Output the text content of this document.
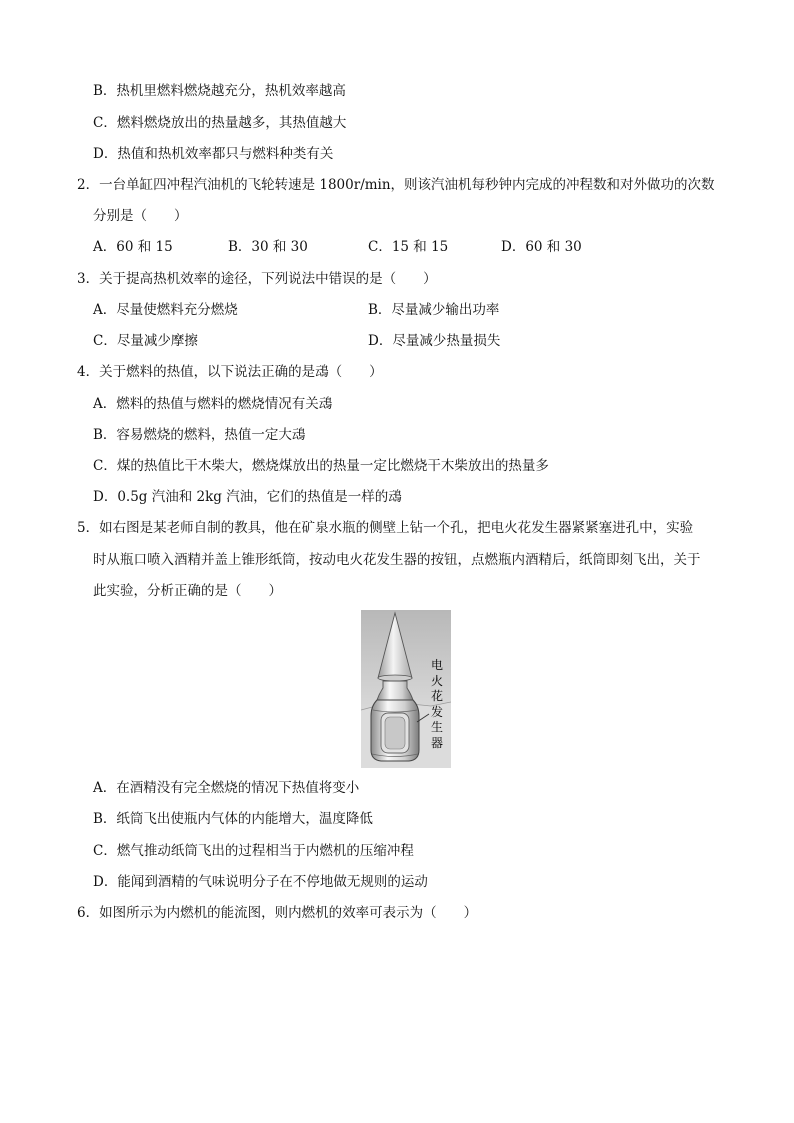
B．热机里燃料燃烧越充分，热机效率越高
C．燃料燃烧放出的热量越多，其热值越大
D．热值和热机效率都只与燃料种类有关
2．一台单缸四冲程汽油机的飞轮转速是 1800r/min，则该汽油机每秒钟内完成的冲程数和对外做功的次数
分别是（　　）
A．60 和 15	B．30 和 30	C．15 和 15	D．60 和 30
3．关于提高热机效率的途径，下列说法中错误的是（　　）
A．尽量使燃料充分燃烧	B．尽量减少输出功率
C．尽量减少摩擦	D．尽量减少热量损失
4．关于燃料的热值，以下说法正确的是䲰（　　）
A．燃料的热值与燃料的燃烧情况有关䲰
B．容易燃烧的燃料，热值一定大䲰
C．煤的热值比干木柴大，燃烧煤放出的热量一定比燃烧干木柴放出的热量多
D．0.5g 汽油和 2kg 汽油，它们的热值是一样的䲰
5．如右图是某老师自制的教具，他在矿泉水瓶的侧壁上钻一个孔，把电火花发生器紧紧塞进孔中，实验
时从瓶口喷入酒精并盖上锥形纸筒，按动电火花发生器的按钮，点燃瓶内酒精后，纸筒即刻飞出，关于
此实验，分析正确的是（　　）
电
火
花
发
生
器
A．在酒精没有完全燃烧的情况下热值将变小
B．纸筒飞出使瓶内气体的内能增大，温度降低
C．燃气推动纸筒飞出的过程相当于内燃机的压缩冲程
D．能闻到酒精的气味说明分子在不停地做无规则的运动
6．如图所示为内燃机的能流图，则内燃机的效率可表示为（　　）
